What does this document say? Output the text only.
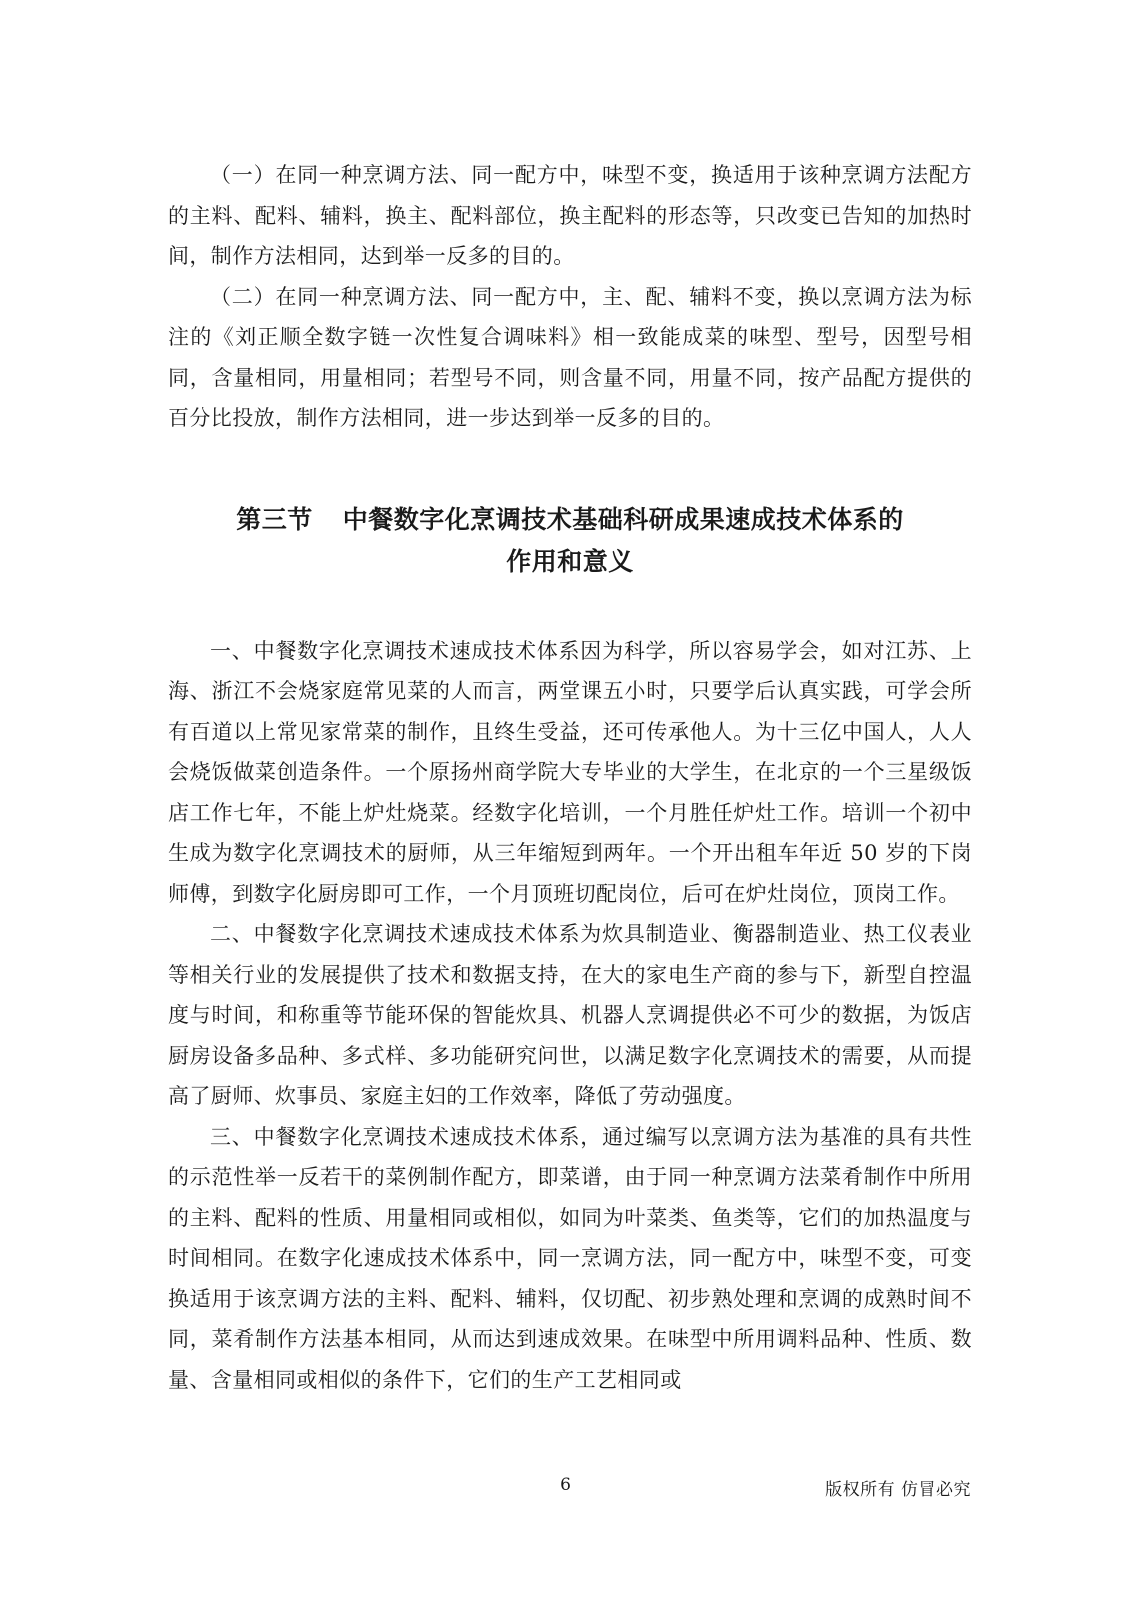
（一）在同一种烹调方法、同一配方中，味型不变，换适用于该种烹调方法配方的主料、配料、辅料，换主、配料部位，换主配料的形态等，只改变已告知的加热时间，制作方法相同，达到举一反多的目的。

（二）在同一种烹调方法、同一配方中，主、配、辅料不变，换以烹调方法为标注的《刘正顺全数字链一次性复合调味料》相一致能成菜的味型、型号，因型号相同，含量相同，用量相同；若型号不同，则含量不同，用量不同，按产品配方提供的百分比投放，制作方法相同，进一步达到举一反多的目的。

第三节 中餐数字化烹调技术基础科研成果速成技术体系的
作用和意义

一、中餐数字化烹调技术速成技术体系因为科学，所以容易学会，如对江苏、上海、浙江不会烧家庭常见菜的人而言，两堂课五小时，只要学后认真实践，可学会所有百道以上常见家常菜的制作，且终生受益，还可传承他人。为十三亿中国人，人人会烧饭做菜创造条件。一个原扬州商学院大专毕业的大学生，在北京的一个三星级饭店工作七年，不能上炉灶烧菜。经数字化培训，一个月胜任炉灶工作。培训一个初中生成为数字化烹调技术的厨师，从三年缩短到两年。一个开出租车年近 50 岁的下岗师傅，到数字化厨房即可工作，一个月顶班切配岗位，后可在炉灶岗位，顶岗工作。

二、中餐数字化烹调技术速成技术体系为炊具制造业、衡器制造业、热工仪表业等相关行业的发展提供了技术和数据支持，在大的家电生产商的参与下，新型自控温度与时间，和称重等节能环保的智能炊具、机器人烹调提供必不可少的数据，为饭店厨房设备多品种、多式样、多功能研究问世，以满足数字化烹调技术的需要，从而提高了厨师、炊事员、家庭主妇的工作效率，降低了劳动强度。

三、中餐数字化烹调技术速成技术体系，通过编写以烹调方法为基准的具有共性的示范性举一反若干的菜例制作配方，即菜谱，由于同一种烹调方法菜肴制作中所用的主料、配料的性质、用量相同或相似，如同为叶菜类、鱼类等，它们的加热温度与时间相同。在数字化速成技术体系中，同一烹调方法，同一配方中，味型不变，可变换适用于该烹调方法的主料、配料、辅料，仅切配、初步熟处理和烹调的成熟时间不同，菜肴制作方法基本相同，从而达到速成效果。在味型中所用调料品种、性质、数量、含量相同或相似的条件下，它们的生产工艺相同或

6	版权所有 仿冒必究
